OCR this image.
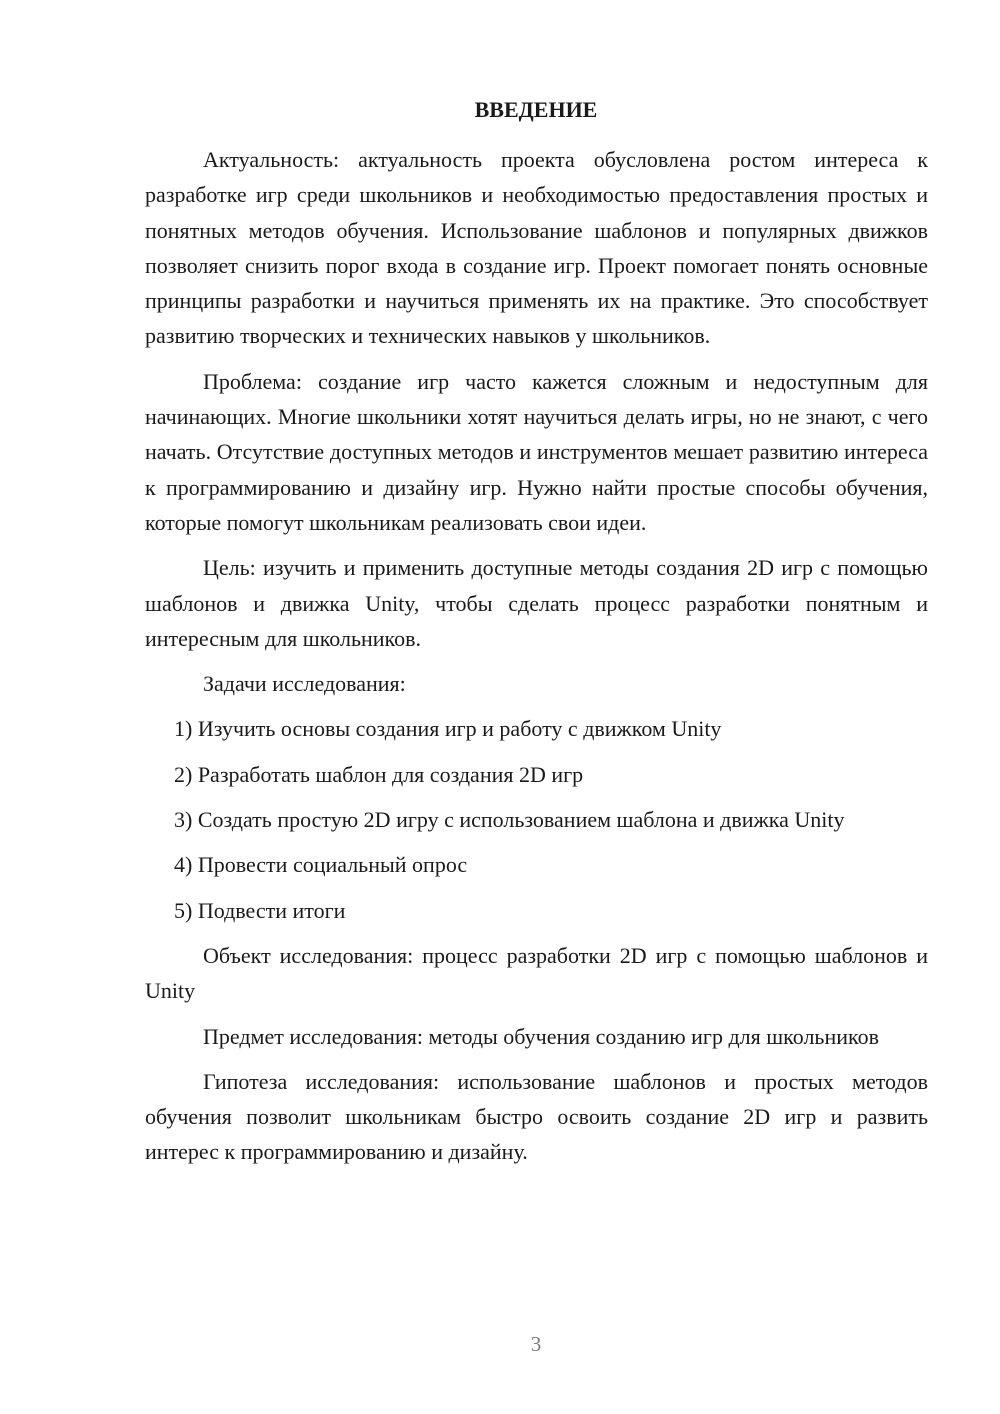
ВВЕДЕНИЕ

Актуальность: актуальность проекта обусловлена ростом интереса к разработке игр среди школьников и необходимостью предоставления простых и понятных методов обучения. Использование шаблонов и популярных движков позволяет снизить порог входа в создание игр. Проект помогает понять основные принципы разработки и научиться применять их на практике. Это способствует развитию творческих и технических навыков у школьников.

Проблема: создание игр часто кажется сложным и недоступным для начинающих. Многие школьники хотят научиться делать игры, но не знают, с чего начать. Отсутствие доступных методов и инструментов мешает развитию интереса к программированию и дизайну игр. Нужно найти простые способы обучения, которые помогут школьникам реализовать свои идеи.

Цель: изучить и применить доступные методы создания 2D игр с помощью шаблонов и движка Unity, чтобы сделать процесс разработки понятным и интересным для школьников.

Задачи исследования:

1) Изучить основы создания игр и работу с движком Unity

2) Разработать шаблон для создания 2D игр

3) Создать простую 2D игру с использованием шаблона и движка Unity

4) Провести социальный опрос

5) Подвести итоги

Объект исследования: процесс разработки 2D игр с помощью шаблонов и Unity

Предмет исследования: методы обучения созданию игр для школьников

Гипотеза исследования: использование шаблонов и простых методов обучения позволит школьникам быстро освоить создание 2D игр и развить интерес к программированию и дизайну.

3
